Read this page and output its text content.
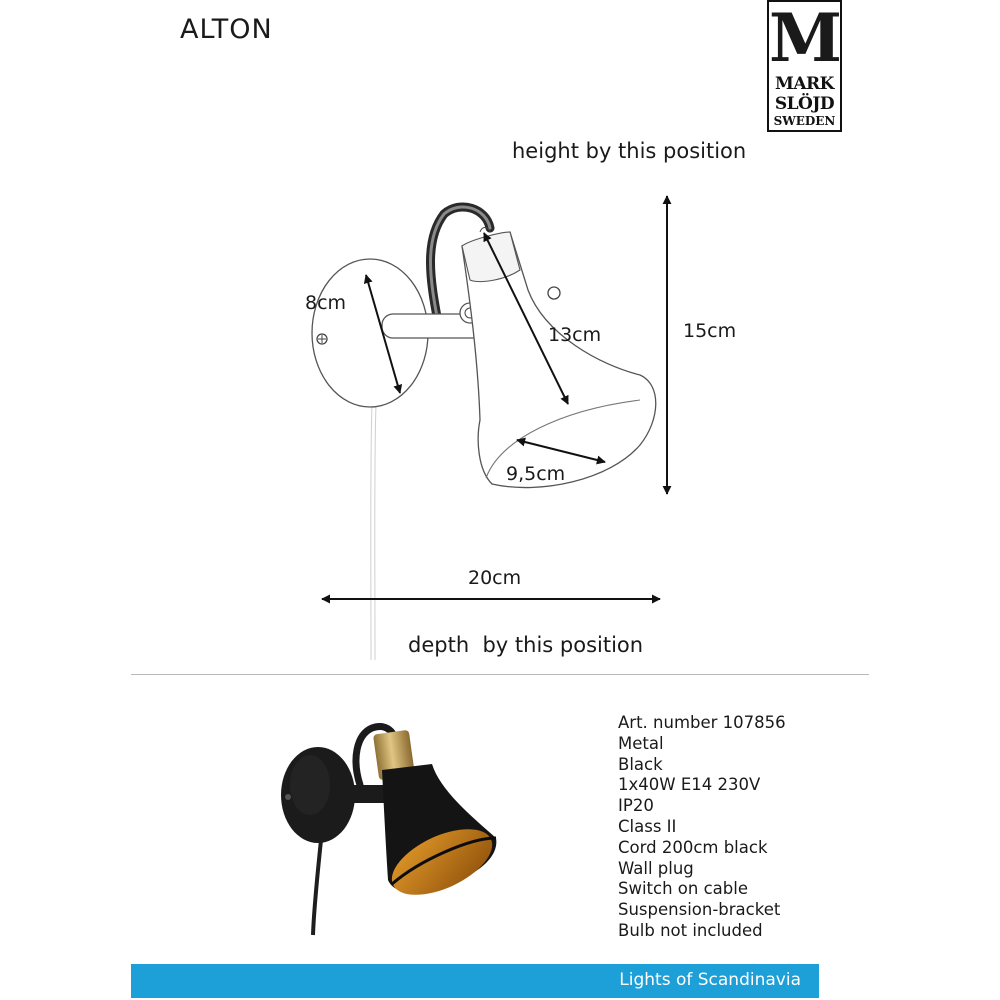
ALTON	M
MARK
SLÖJD
SWEDEN
height by this position
8cm
13cm	15cm
9,5cm
20cm
depth  by this position
Art. number 107856
Metal
Black
1x40W E14 230V
IP20
Class II
Cord 200cm black
Wall plug
Switch on cable
Suspension-bracket
Bulb not included
Lights of Scandinavia
